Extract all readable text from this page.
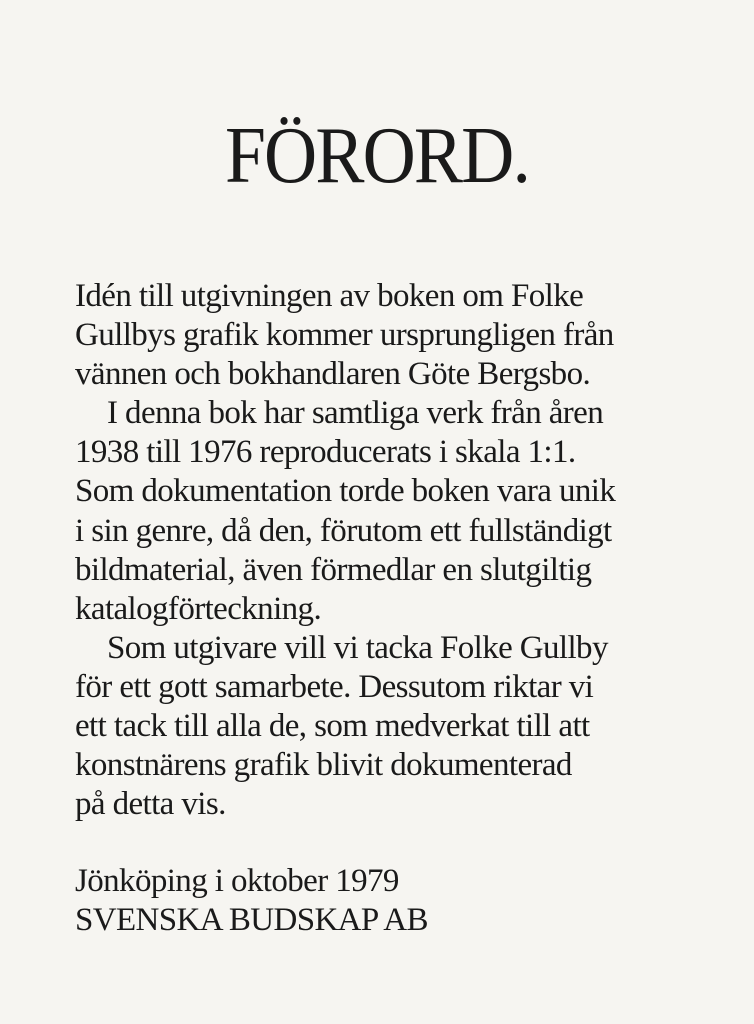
FÖRORD.
Idén till utgivningen av boken om Folke
Gullbys grafik kommer ursprungligen från
vännen och bokhandlaren Göte Bergsbo.
I denna bok har samtliga verk från åren
1938 till 1976 reproducerats i skala 1:1.
Som dokumentation torde boken vara unik
i sin genre, då den, förutom ett fullständigt
bildmaterial, även förmedlar en slutgiltig
katalogförteckning.
Som utgivare vill vi tacka Folke Gullby
för ett gott samarbete. Dessutom riktar vi
ett tack till alla de, som medverkat till att
konstnärens grafik blivit dokumenterad
på detta vis.
Jönköping i oktober 1979
SVENSKA BUDSKAP AB
